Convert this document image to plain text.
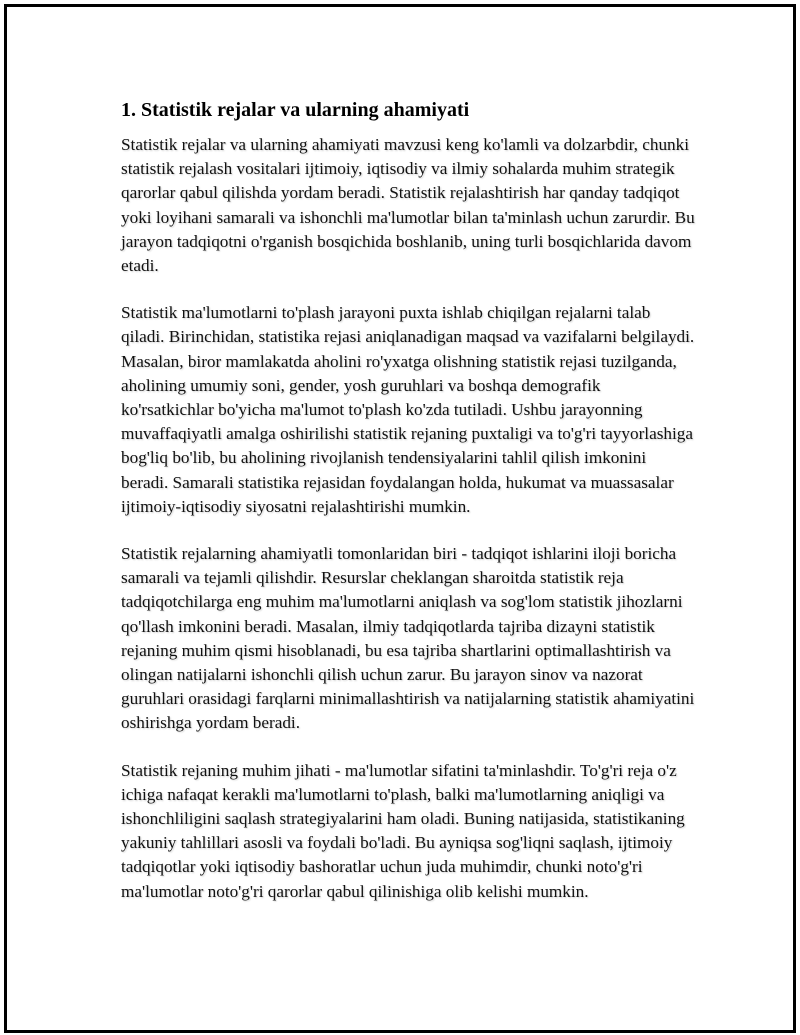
1. Statistik rejalar va ularning ahamiyati

Statistik rejalar va ularning ahamiyati mavzusi keng ko'lamli va dolzarbdir, chunki statistik rejalash vositalari ijtimoiy, iqtisodiy va ilmiy sohalarda muhim strategik qarorlar qabul qilishda yordam beradi. Statistik rejalashtirish har qanday tadqiqot yoki loyihani samarali va ishonchli ma'lumotlar bilan ta'minlash uchun zarurdir. Bu jarayon tadqiqotni o'rganish bosqichida boshlanib, uning turli bosqichlarida davom etadi.

Statistik ma'lumotlarni to'plash jarayoni puxta ishlab chiqilgan rejalarni talab qiladi. Birinchidan, statistika rejasi aniqlanadigan maqsad va vazifalarni belgilaydi. Masalan, biror mamlakatda aholini ro'yxatga olishning statistik rejasi tuzilganda, aholining umumiy soni, gender, yosh guruhlari va boshqa demografik ko'rsatkichlar bo'yicha ma'lumot to'plash ko'zda tutiladi. Ushbu jarayonning muvaffaqiyatli amalga oshirilishi statistik rejaning puxtaligi va to'g'ri tayyorlashiga bog'liq bo'lib, bu aholining rivojlanish tendensiyalarini tahlil qilish imkonini beradi. Samarali statistika rejasidan foydalangan holda, hukumat va muassasalar ijtimoiy-iqtisodiy siyosatni rejalashtirishi mumkin.

Statistik rejalarning ahamiyatli tomonlaridan biri - tadqiqot ishlarini iloji boricha samarali va tejamli qilishdir. Resurslar cheklangan sharoitda statistik reja tadqiqotchilarga eng muhim ma'lumotlarni aniqlash va sog'lom statistik jihozlarni qo'llash imkonini beradi. Masalan, ilmiy tadqiqotlarda tajriba dizayni statistik rejaning muhim qismi hisoblanadi, bu esa tajriba shartlarini optimallashtirish va olingan natijalarni ishonchli qilish uchun zarur. Bu jarayon sinov va nazorat guruhlari orasidagi farqlarni minimallashtirish va natijalarning statistik ahamiyatini oshirishga yordam beradi.

Statistik rejaning muhim jihati - ma'lumotlar sifatini ta'minlashdir. To'g'ri reja o'z ichiga nafaqat kerakli ma'lumotlarni to'plash, balki ma'lumotlarning aniqligi va ishonchliligini saqlash strategiyalarini ham oladi. Buning natijasida, statistikaning yakuniy tahlillari asosli va foydali bo'ladi. Bu ayniqsa sog'liqni saqlash, ijtimoiy tadqiqotlar yoki iqtisodiy bashoratlar uchun juda muhimdir, chunki noto'g'ri ma'lumotlar noto'g'ri qarorlar qabul qilinishiga olib kelishi mumkin.
